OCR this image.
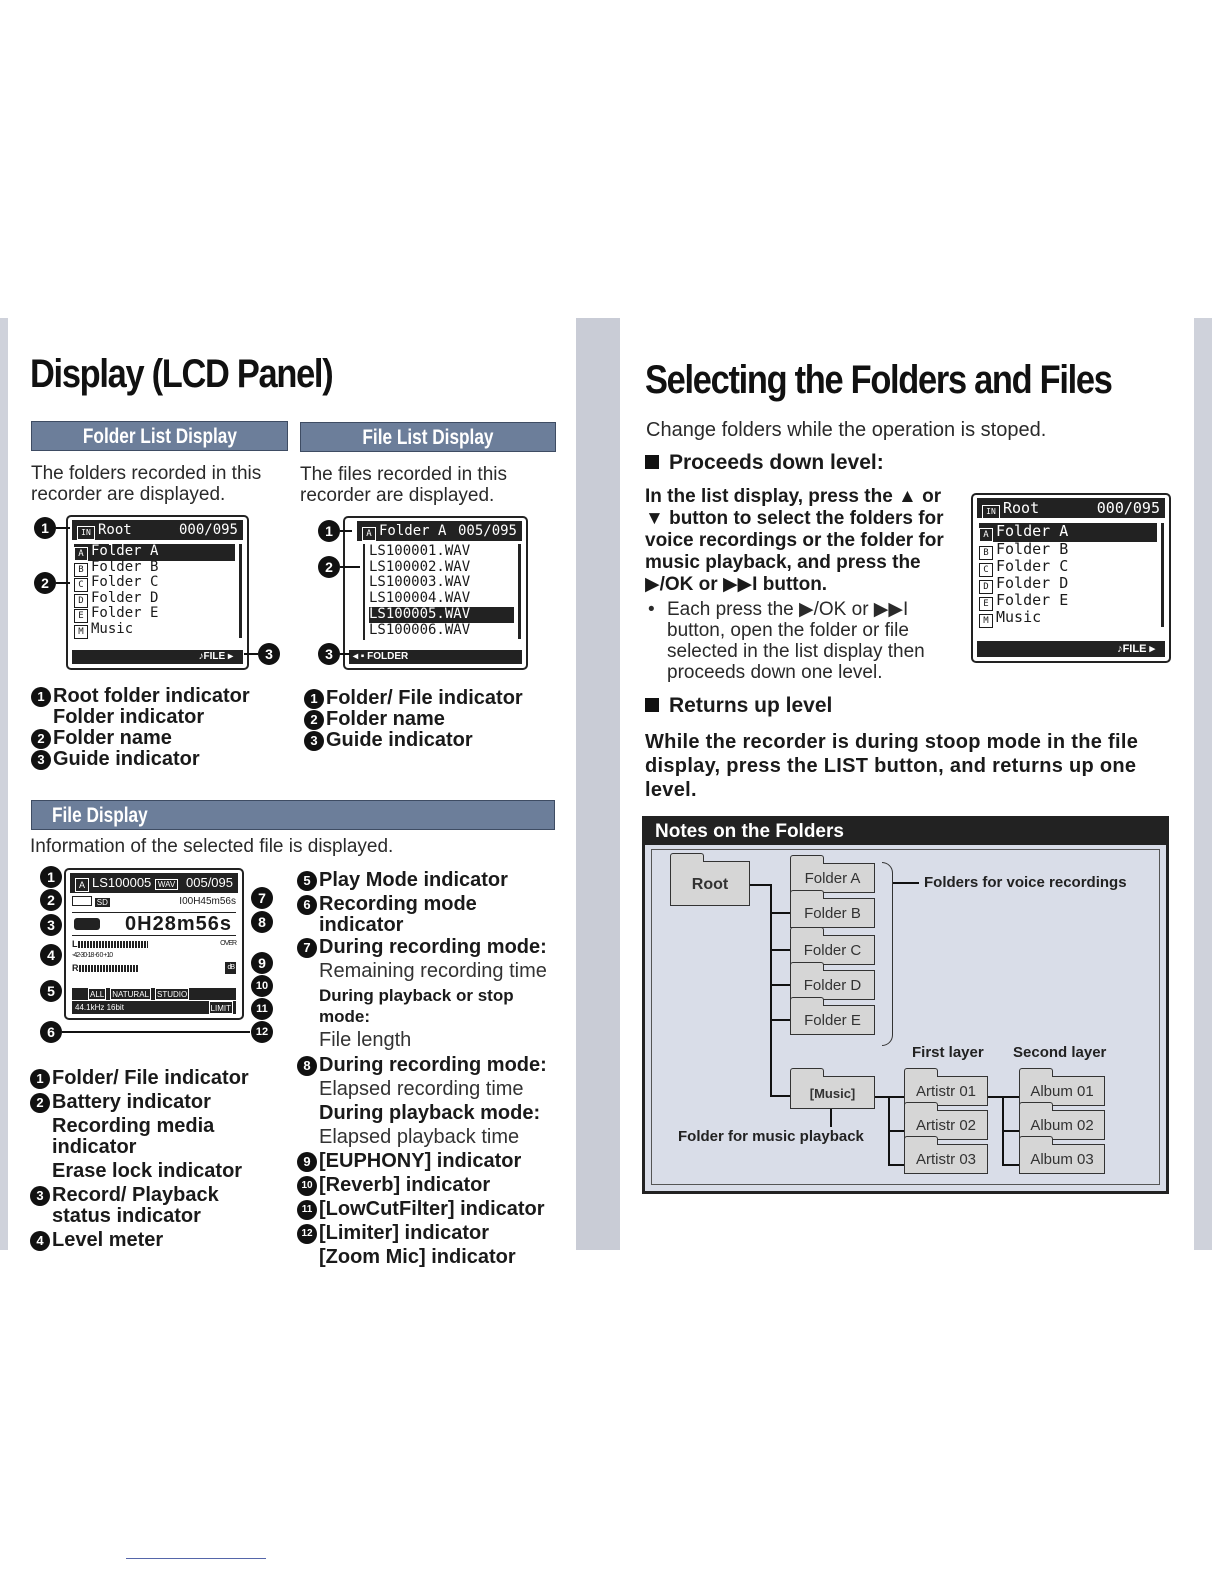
Display (LCD Panel)
Folder List Display
The folders recorded in this recorder are displayed.
IN Root	000/095
A Folder A
B Folder B
C Folder C
D Folder D
E Folder E
M Music
♪FILE ▸
1
2
3
1 Root folder indicator
Folder indicator
2 Folder name
3 Guide indicator
File List Display
The files recorded in this recorder are displayed.
A Folder A 005/095
LS100001.WAV
LS100002.WAV
LS100003.WAV
LS100004.WAV
LS100005.WAV
LS100006.WAV
◂ ▪ FOLDER
1
2
3
1 Folder/ File indicator
2 Folder name
3 Guide indicator
File Display
Information of the selected file is displayed.
A LS100005 WAV 005/095
SD	I00H45m56s
0H28m56s
L	OVER
-42-30-18 -6 0 +10
R	dB
ALL NATURAL STUDIO
44.1kHz 16bit	LIMIT
1
2
3
4
5
6
7
8
9
10
11
12
1 Folder/ File indicator
2 Battery indicator
Recording media indicator
Erase lock indicator
3 Record/ Playback status indicator
4 Level meter
5 Play Mode indicator
6 Recording mode indicator
7 During recording mode:
Remaining recording time
During playback or stop mode:
File length
8 During recording mode:
Elapsed recording time
During playback mode:
Elapsed playback time
9 [EUPHONY] indicator
10 [Reverb] indicator
11 [LowCutFilter] indicator
12 [Limiter] indicator
[Zoom Mic] indicator
Selecting the Folders and Files
Change folders while the operation is stoped.
Proceeds down level:
In the list display, press the ▲ or ▼ button to select the folders for voice recordings or the folder for music playback, and press the ▶/OK or ▶▶I button.
• Each press the ▶/OK or ▶▶I button, open the folder or file selected in the list display then proceeds down one level.
IN Root	000/095
A Folder A
B Folder B
C Folder C
D Folder D
E Folder E
M Music
♪FILE ▸
Returns up level
While the recorder is during stoop mode in the file display, press the LIST button, and returns up one level.
Notes on the Folders
Root	Folder A
Folder B
Folder C
Folder D
Folder E
Folders for voice recordings
[Music]
Folder for music playback
First layer Second layer
Artistr 01
Artistr 02
Artistr 03
Album 01
Album 02
Album 03
